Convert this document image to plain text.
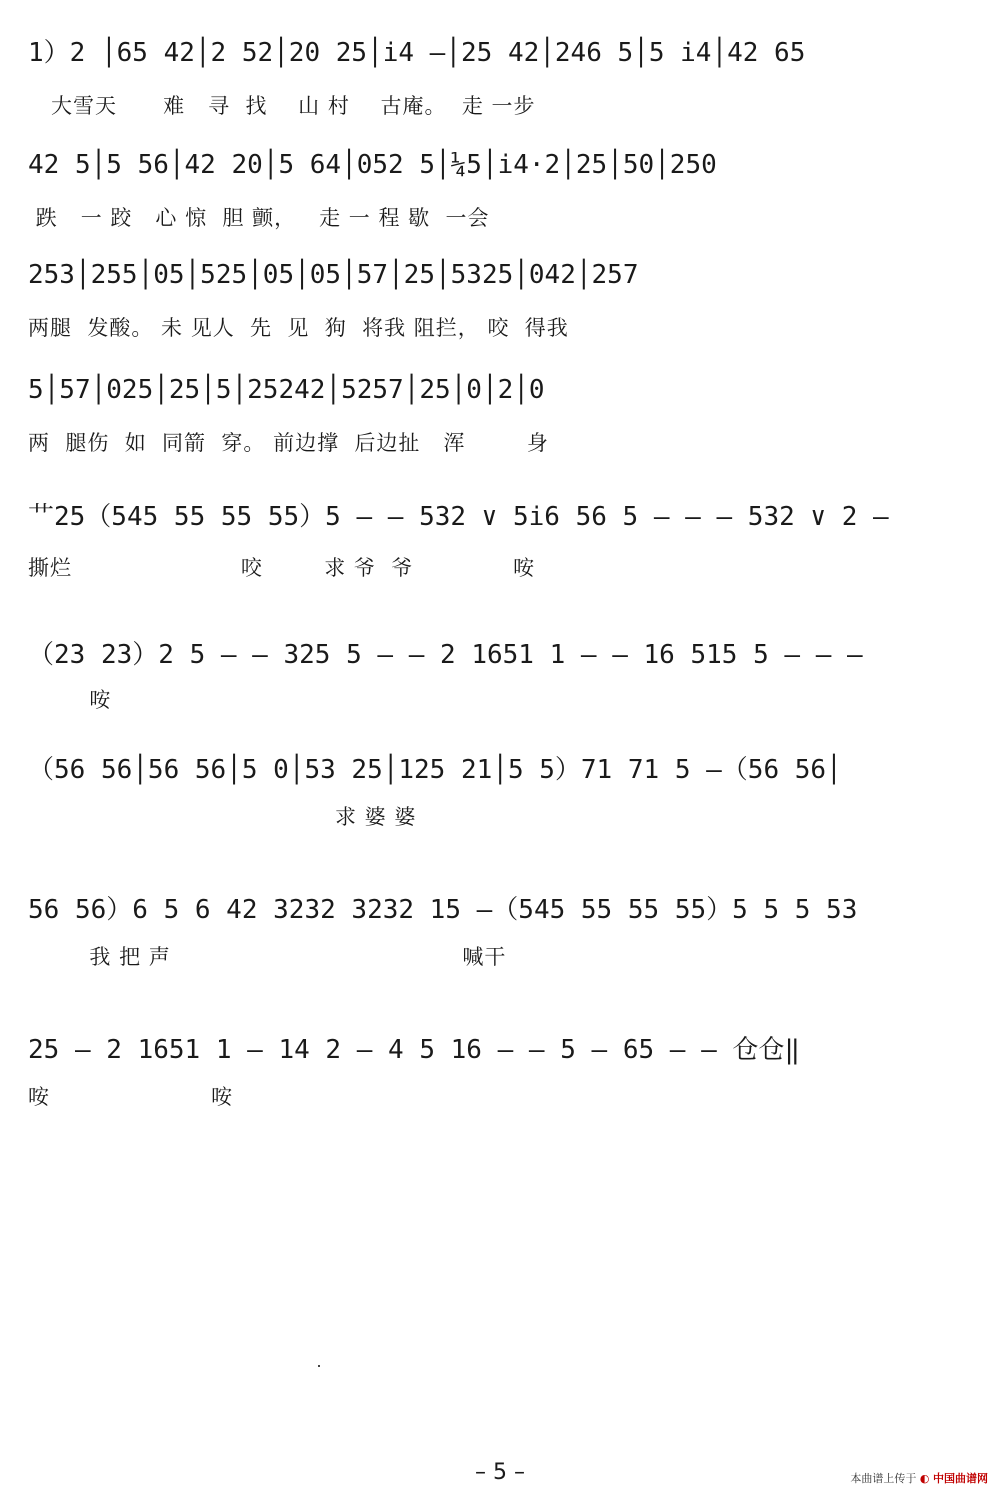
1）2 │65 42│2 52│20 25│i4 –│25 42│246 5│5 i4│42 65
大雪天      难   寻  找    山 村    古庵。  走 一步
42 5│5 56│42 20│5 64│052 5│¼5│i4·2│25│50│250
跌   一 跤   心 惊  胆 颤，   走 一 程 歇  一会
253│255│05│525│05│05│57│25│5325│042│257
两腿  发酸。 未 见人  先  见  狗  将我 阻拦， 咬  得我
5│57│025│25│5│25242│5257│25│0│2│0
两  腿伤  如  同箭  穿。 前边撑  后边扯   浑        身
艹25（545 55 55 55）5 – – 532 ∨ 5i6 56 5 – – – 532 ∨ 2 –
撕烂                      咬        求 爷  爷             咹
（23 23）2 5 – – 325 5 – – 2 1651 1 – – 16 515 5 – – –
咹
（56 56│56 56│5 0│53 25│125 21│5 5）71 71 5 –（56 56│
求 婆 婆
56 56）6 5 6 42 3232 3232 15 –（545 55 55 55）5 5 5 53
我 把 声                                      喊干
25 – 2 1651 1 – 14 2 – 4 5 16 – – 5 – 65 – – 仓仓‖
咹                     咹
– 5 –	本曲谱上传于 ◐ 中国曲谱网
